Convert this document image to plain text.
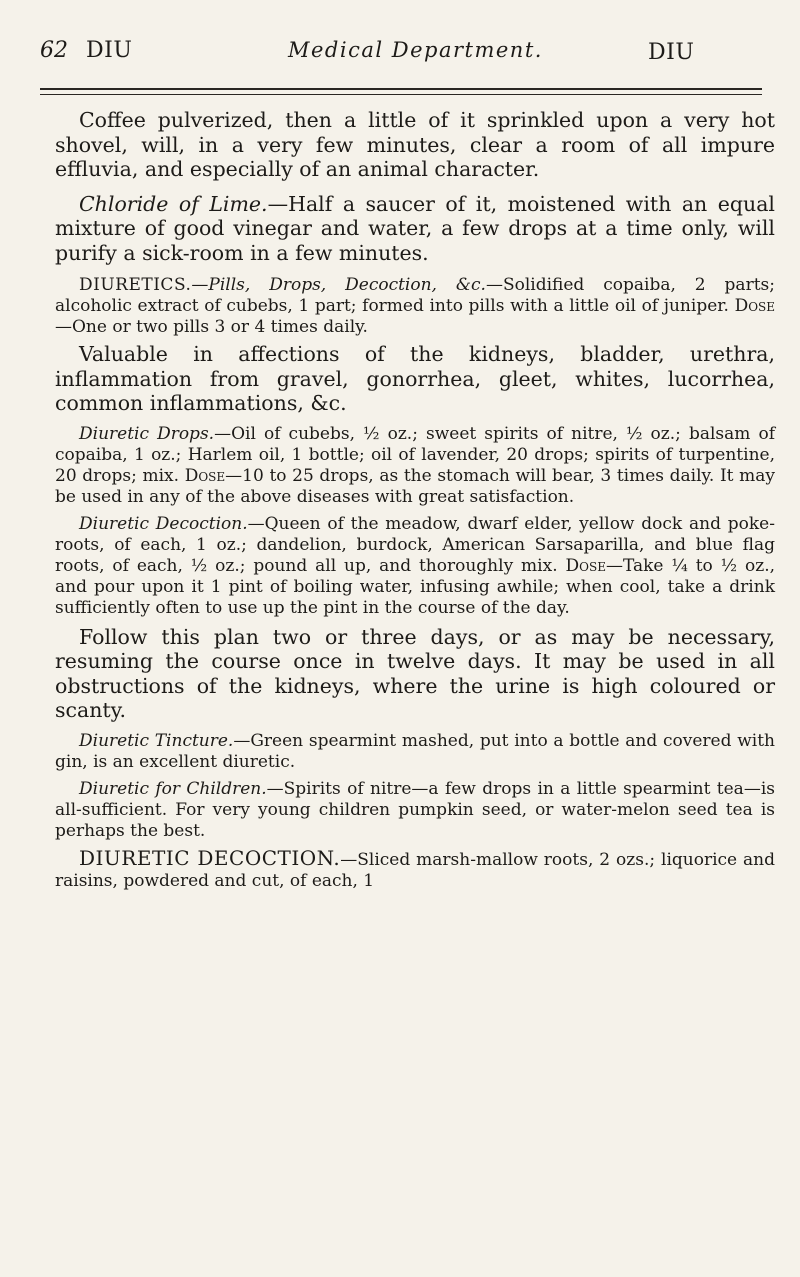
62 DIU	Medical Department.	DIU

Coffee pulverized, then a little of it sprinkled upon a very hot shovel, will, in a very few minutes, clear a room of all impure effluvia, and especially of an animal character.

Chloride of Lime.—Half a saucer of it, moistened with an equal mixture of good vinegar and water, a few drops at a time only, will purify a sick-room in a few minutes.

DIURETICS.—Pills, Drops, Decoction, &c.—Solidified copaiba, 2 parts; alcoholic extract of cubebs, 1 part; formed into pills with a little oil of juniper. Dose—One or two pills 3 or 4 times daily.

Valuable in affections of the kidneys, bladder, urethra, inflammation from gravel, gonorrhea, gleet, whites, lucorrhea, common inflammations, &c.

Diuretic Drops.—Oil of cubebs, ½ oz.; sweet spirits of nitre, ½ oz.; balsam of copaiba, 1 oz.; Harlem oil, 1 bottle; oil of lavender, 20 drops; spirits of turpentine, 20 drops; mix. Dose—10 to 25 drops, as the stomach will bear, 3 times daily. It may be used in any of the above diseases with great satisfaction.

Diuretic Decoction.—Queen of the meadow, dwarf elder, yellow dock and poke-roots, of each, 1 oz.; dandelion, burdock, American Sarsaparilla, and blue flag roots, of each, ½ oz.; pound all up, and thoroughly mix. Dose—Take ¼ to ½ oz., and pour upon it 1 pint of boiling water, infusing awhile; when cool, take a drink sufficiently often to use up the pint in the course of the day.

Follow this plan two or three days, or as may be necessary, resuming the course once in twelve days. It may be used in all obstructions of the kidneys, where the urine is high coloured or scanty.

Diuretic Tincture.—Green spearmint mashed, put into a bottle and covered with gin, is an excellent diuretic.

Diuretic for Children.—Spirits of nitre—a few drops in a little spearmint tea—is all-sufficient. For very young children pumpkin seed, or water-melon seed tea is perhaps the best.

DIURETIC DECOCTION.—Sliced marsh-mallow roots, 2 ozs.; liquorice and raisins, powdered and cut, of each, 1
